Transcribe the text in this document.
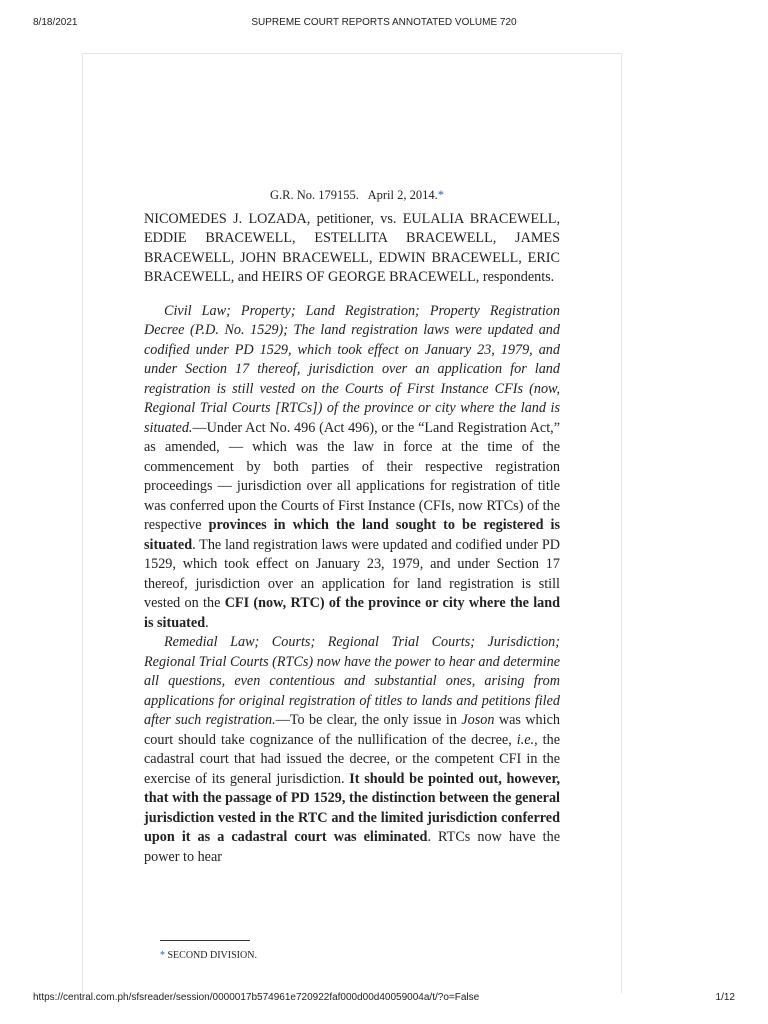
8/18/2021	SUPREME COURT REPORTS ANNOTATED VOLUME 720
G.R. No. 179155. April 2, 2014.*

NICOMEDES J. LOZADA, petitioner, vs. EULALIA BRACEWELL, EDDIE BRACEWELL, ESTELLITA BRACEWELL, JAMES BRACEWELL, JOHN BRACEWELL, EDWIN BRACEWELL, ERIC BRACEWELL, and HEIRS OF GEORGE BRACEWELL, respondents.

Civil Law; Property; Land Registration; Property Registration Decree (P.D. No. 1529); The land registration laws were updated and codified under PD 1529, which took effect on January 23, 1979, and under Section 17 thereof, jurisdiction over an application for land registration is still vested on the Courts of First Instance CFIs (now, Regional Trial Courts [RTCs]) of the province or city where the land is situated.—Under Act No. 496 (Act 496), or the “Land Registration Act,” as amended, — which was the law in force at the time of the commencement by both parties of their respective registration proceedings — jurisdiction over all applications for registration of title was conferred upon the Courts of First Instance (CFIs, now RTCs) of the respective provinces in which the land sought to be registered is situated. The land registration laws were updated and codified under PD 1529, which took effect on January 23, 1979, and under Section 17 thereof, jurisdiction over an application for land registration is still vested on the CFI (now, RTC) of the province or city where the land is situated.

Remedial Law; Courts; Regional Trial Courts; Jurisdiction; Regional Trial Courts (RTCs) now have the power to hear and determine all questions, even contentious and substantial ones, arising from applications for original registration of titles to lands and petitions filed after such registration.—To be clear, the only issue in Joson was which court should take cognizance of the nullification of the decree, i.e., the cadastral court that had issued the decree, or the competent CFI in the exercise of its general jurisdiction. It should be pointed out, however, that with the passage of PD 1529, the distinction between the general jurisdiction vested in the RTC and the limited jurisdiction conferred upon it as a cadastral court was eliminated. RTCs now have the power to hear

* SECOND DIVISION.
https://central.com.ph/sfsreader/session/0000017b574961e720922faf000d00d40059004a/t/?o=False	1/12
